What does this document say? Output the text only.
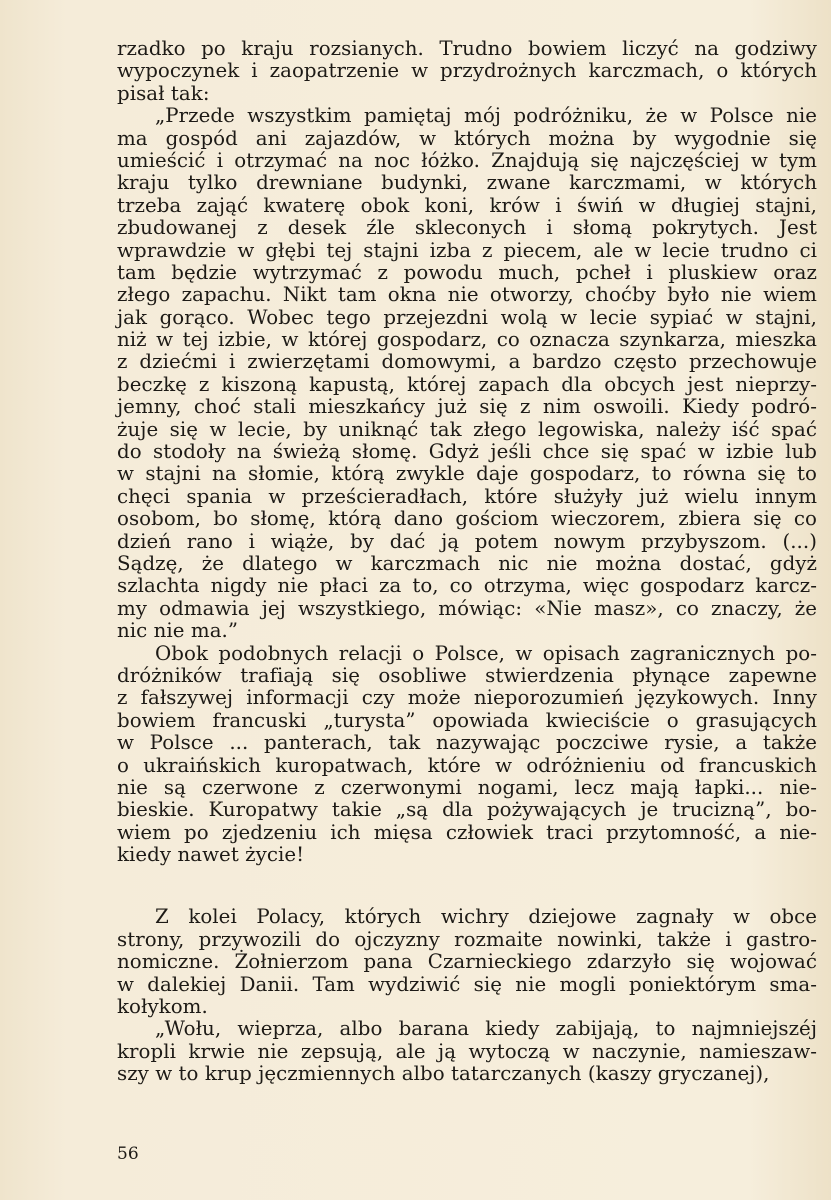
rzadko po kraju rozsianych. Trudno bowiem liczyć na godziwy
wypoczynek i zaopatrzenie w przydrożnych karczmach, o których
pisał tak:
„Przede wszystkim pamiętaj mój podróżniku, że w Polsce nie
ma gospód ani zajazdów, w których można by wygodnie się
umieścić i otrzymać na noc łóżko. Znajdują się najczęściej w tym
kraju tylko drewniane budynki, zwane karczmami, w których
trzeba zająć kwaterę obok koni, krów i świń w długiej stajni,
zbudowanej z desek źle skleconych i słomą pokrytych. Jest
wprawdzie w głębi tej stajni izba z piecem, ale w lecie trudno ci
tam będzie wytrzymać z powodu much, pcheł i pluskiew oraz
złego zapachu. Nikt tam okna nie otworzy, choćby było nie wiem
jak gorąco. Wobec tego przejezdni wolą w lecie sypiać w stajni,
niż w tej izbie, w której gospodarz, co oznacza szynkarza, mieszka
z dziećmi i zwierzętami domowymi, a bardzo często przechowuje
beczkę z kiszoną kapustą, której zapach dla obcych jest nieprzy-
jemny, choć stali mieszkańcy już się z nim oswoili. Kiedy podró-
żuje się w lecie, by uniknąć tak złego legowiska, należy iść spać
do stodoły na świeżą słomę. Gdyż jeśli chce się spać w izbie lub
w stajni na słomie, którą zwykle daje gospodarz, to równa się to
chęci spania w prześcieradłach, które służyły już wielu innym
osobom, bo słomę, którą dano gościom wieczorem, zbiera się co
dzień rano i wiąże, by dać ją potem nowym przybyszom. (...)
Sądzę, że dlatego w karczmach nic nie można dostać, gdyż
szlachta nigdy nie płaci za to, co otrzyma, więc gospodarz karcz-
my odmawia jej wszystkiego, mówiąc: «Nie masz», co znaczy, że
nic nie ma.”
Obok podobnych relacji o Polsce, w opisach zagranicznych po-
dróżników trafiają się osobliwe stwierdzenia płynące zapewne
z fałszywej informacji czy może nieporozumień językowych. Inny
bowiem francuski „turysta” opowiada kwieciście o grasujących
w Polsce ... panterach, tak nazywając poczciwe rysie, a także
o ukraińskich kuropatwach, które w odróżnieniu od francuskich
nie są czerwone z czerwonymi nogami, lecz mają łapki... nie-
bieskie. Kuropatwy takie „są dla pożywających je trucizną”, bo-
wiem po zjedzeniu ich mięsa człowiek traci przytomność, a nie-
kiedy nawet życie!
Z kolei Polacy, których wichry dziejowe zagnały w obce
strony, przywozili do ojczyzny rozmaite nowinki, także i gastro-
nomiczne. Żołnierzom pana Czarnieckiego zdarzyło się wojować
w dalekiej Danii. Tam wydziwić się nie mogli poniektórym sma-
kołykom.
„Wołu, wieprza, albo barana kiedy zabijają, to najmniejszéj
kropli krwie nie zepsują, ale ją wytoczą w naczynie, namieszaw-
szy w to krup jęczmiennych albo tatarczanych (kaszy gryczanej),
56
